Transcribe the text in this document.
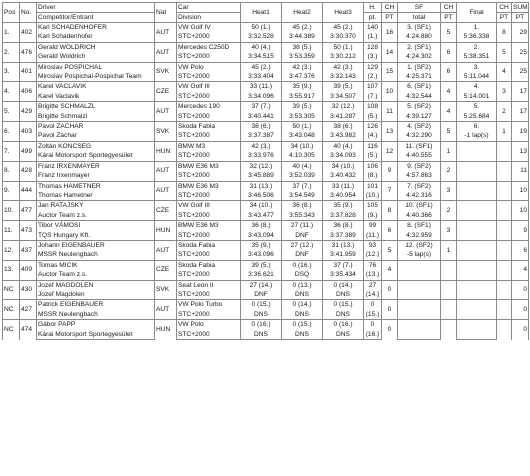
Pos	No.	Driver	Nat	Car	Heat1	Heat2	Heat3	H.	CH	SF	CH	Final	CH	SUM
		Competitor/Entrant		Division				pt.	PT	total	PT		PT	PT
1.	402	Karl SCHADENHOFER	AUT	VW Golf IV	50 (1.)	45 (2.)	45 (2.)	140	16	3. (SF1)	5	1.	8	29
		Karl Schadenhofer		STC+2000	3:32.528	3:44.389	3:30.370	(1.)		4:24.880		5:36.338		
2.	476	Gerald WOLDRICH	AUT	Mercedes C250D	40 (4.)	38 (5.)	50 (1.)	128	14	2. (SF1)	6	2.	5	25
		Gerald Woldrich		STC+2000	3:34.515	3:53.359	3:30.212	(3.)		4:24.302		5:38.351		
3.	401	Miroslav POSPICHAL	SVK	VW Polo	45 (2.)	42 (3.)	42 (3.)	129	15	1. (SF2)	6	3.	4	25
		Miroslav Pospichal-Pospichal Team		STC+2000	3:33.404	3:47.376	3:32.143	(2.)		4:25.371		5:11.044		
4.	406	Karel VACLAVIK	CZE	VW Golf III	33 (11.)	35 (9.)	39 (5.)	107	10	6. (SF1)	4	4.	3	17
		Karel Vaclavik		STC+2000	3:34.096	3:55.917	3:34.507	(7.)		4:32.544		5:14.001		
5.	429	Brigitte SCHMALZL	AUT	Mercedes 190	37 (7.)	39 (5.)	32 (12.)	108	11	5. (SF2)	4	5.	2	17
		Brigitte Schmalzl		STC+2000	3:40.441	3:53.305	3:41.287	(5.)		4:39.127		5:25.684		
6.	403	Pavol ZACHAR	SVK	Skoda Fabia	38 (6.)	50 (1.)	38 (6.)	126	13	4. (SF2)	5	6.	1	19
		Pavol Zachar		STC+2000	3:37.387	3:43.048	3:43.982	(4.)		4:32.290		-1 lap(s)		
7.	499	Zoltán KONCSEG	HUN	BMW M3	42 (3.)	34 (10.)	40 (4.)	116	12	11. (SF1)	1			13
		Kárai Motorsport Sportegyesület		STC+2000	3:33.976	4:10.305	3:34.093	(5.)		4:40.555				
8.	428	Franz IRXENMAYER	AUT	BMW E36 M3	32 (12.)	40 (4.)	34 (10.)	106	9	9. (SF2)	2			11
		Franz Irxenmayer		STC+2000	3:45.889	3:52.039	3:40.432	(8.)		4:57.863				
9.	444	Thomas HAMETNER	AUT	BMW E36 M3	31 (13.)	37 (7.)	33 (11.)	101	7	7. (SF2)	3			10
		Thomas Hametner		STC+2000	3:46.506	3:54.549	3:40.954	(10.)		4:42.316				
10.	477	Jan RATAJSKY	CZE	VW Golf III	34 (10.)	36 (8.)	35 (9.)	105	8	10. (SF1)	2			10
		Auctor Team z.s.		STC+2000	3:43.477	3:55.343	3:37.828	(9.)		4:40.366				
11.	473	Tibor VÁMOSI	HUN	BMW E36 M3	36 (8.)	27 (11.)	36 (8.)	99	6	8. (SF1)	3			9
		TQS Hungary Kft.		STC+2000	3:43.094	DNF	3:37.389	(11.)		4:32.959				
12.	437	Johann EIGENBAUER	AUT	Skoda Fabia	35 (9.)	27 (12.)	31 (13.)	93	5	12. (SF2)	1			6
		MSSR Neulengbach		STC+2000	3:43.096	DNF	3:41.959	(12.)		-5 lap(s)				
13.	409	Tomas MICIK	CZE	Skoda Fabia	39 (5.)	0 (16.)	37 (7.)	76	4					4
		Auctor Team z.s.		STC+2000	3:36.621	DSQ	3:35.434	(13.)						
NC	430	Jozef MAGDOLEN	SVK	Seat Leon II	27 (14.)	0 (13.)	0 (14.)	27	0					0
		Jozef Magdolen		STC+2000	DNF	DNS	DNS	(14.)						
NC	427	Patrick EIGENBAUER	AUT	VW Polo Turbo	0 (15.)	0 (14.)	0 (15.)	0	0					0
		MSSR Neulengbach		STC+2000	DNS	DNS	DNS	(15.)						
NC	474	Gábor PAPP	HUN	VW Polo	0 (16.)	0 (15.)	0 (16.)	0	0					0
		Kárai Motorsport Sportegyesület		STC+2000	DNS	DNS	DNS	(16.)						
